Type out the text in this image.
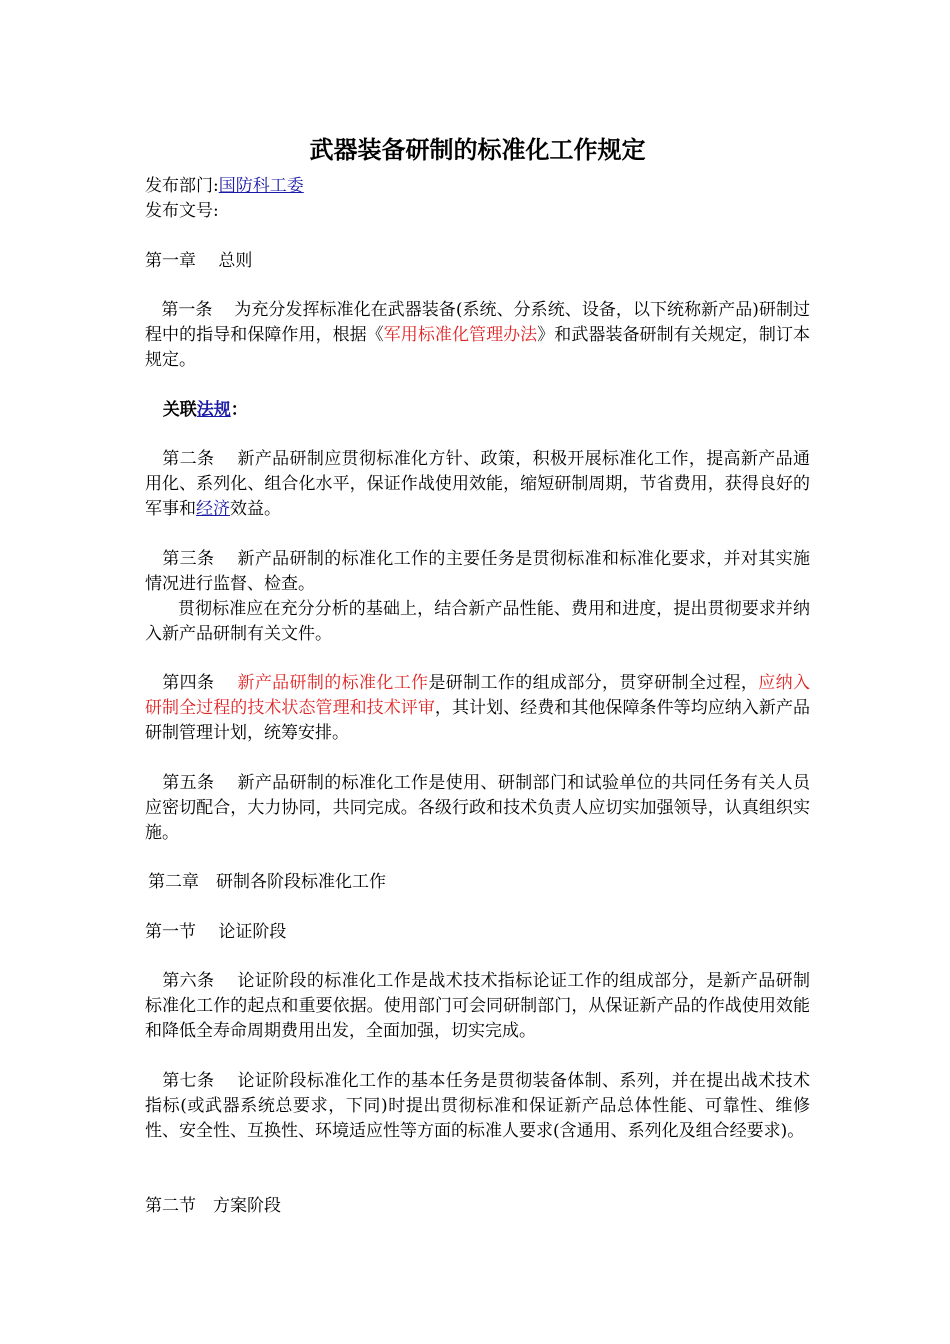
武器装备研制的标准化工作规定
发布部门:国防科工委
发布文号:
第一章　 总则
第一条 为充分发挥标准化在武器装备(系统、分系统、设备，以下统称新产品)研制过程中的指导和保障作用，根据《军用标准化管理办法》和武器装备研制有关规定，制订本规定。
关联法规：
第二条 新产品研制应贯彻标准化方针、政策，积极开展标准化工作，提高新产品通用化、系列化、组合化水平，保证作战使用效能，缩短研制周期，节省费用，获得良好的军事和经济效益。
第三条 新产品研制的标准化工作的主要任务是贯彻标准和标准化要求，并对其实施情况进行监督、检查。
贯彻标准应在充分分析的基础上，结合新产品性能、费用和进度，提出贯彻要求并纳入新产品研制有关文件。
第四条 新产品研制的标准化工作是研制工作的组成部分，贯穿研制全过程，应纳入研制全过程的技术状态管理和技术评审，其计划、经费和其他保障条件等均应纳入新产品研制管理计划，统筹安排。
第五条 新产品研制的标准化工作是使用、研制部门和试验单位的共同任务有关人员应密切配合，大力协同，共同完成。各级行政和技术负责人应切实加强领导，认真组织实施。
第二章　研制各阶段标准化工作
第一节　 论证阶段
第六条 论证阶段的标准化工作是战术技术指标论证工作的组成部分，是新产品研制标准化工作的起点和重要依据。使用部门可会同研制部门，从保证新产品的作战使用效能和降低全寿命周期费用出发，全面加强，切实完成。
第七条 论证阶段标准化工作的基本任务是贯彻装备体制、系列，并在提出战术技术指标(或武器系统总要求，下同)时提出贯彻标准和保证新产品总体性能、可靠性、维修性、安全性、互换性、环境适应性等方面的标准人要求(含通用、系列化及组合经要求)。
第二节　方案阶段
